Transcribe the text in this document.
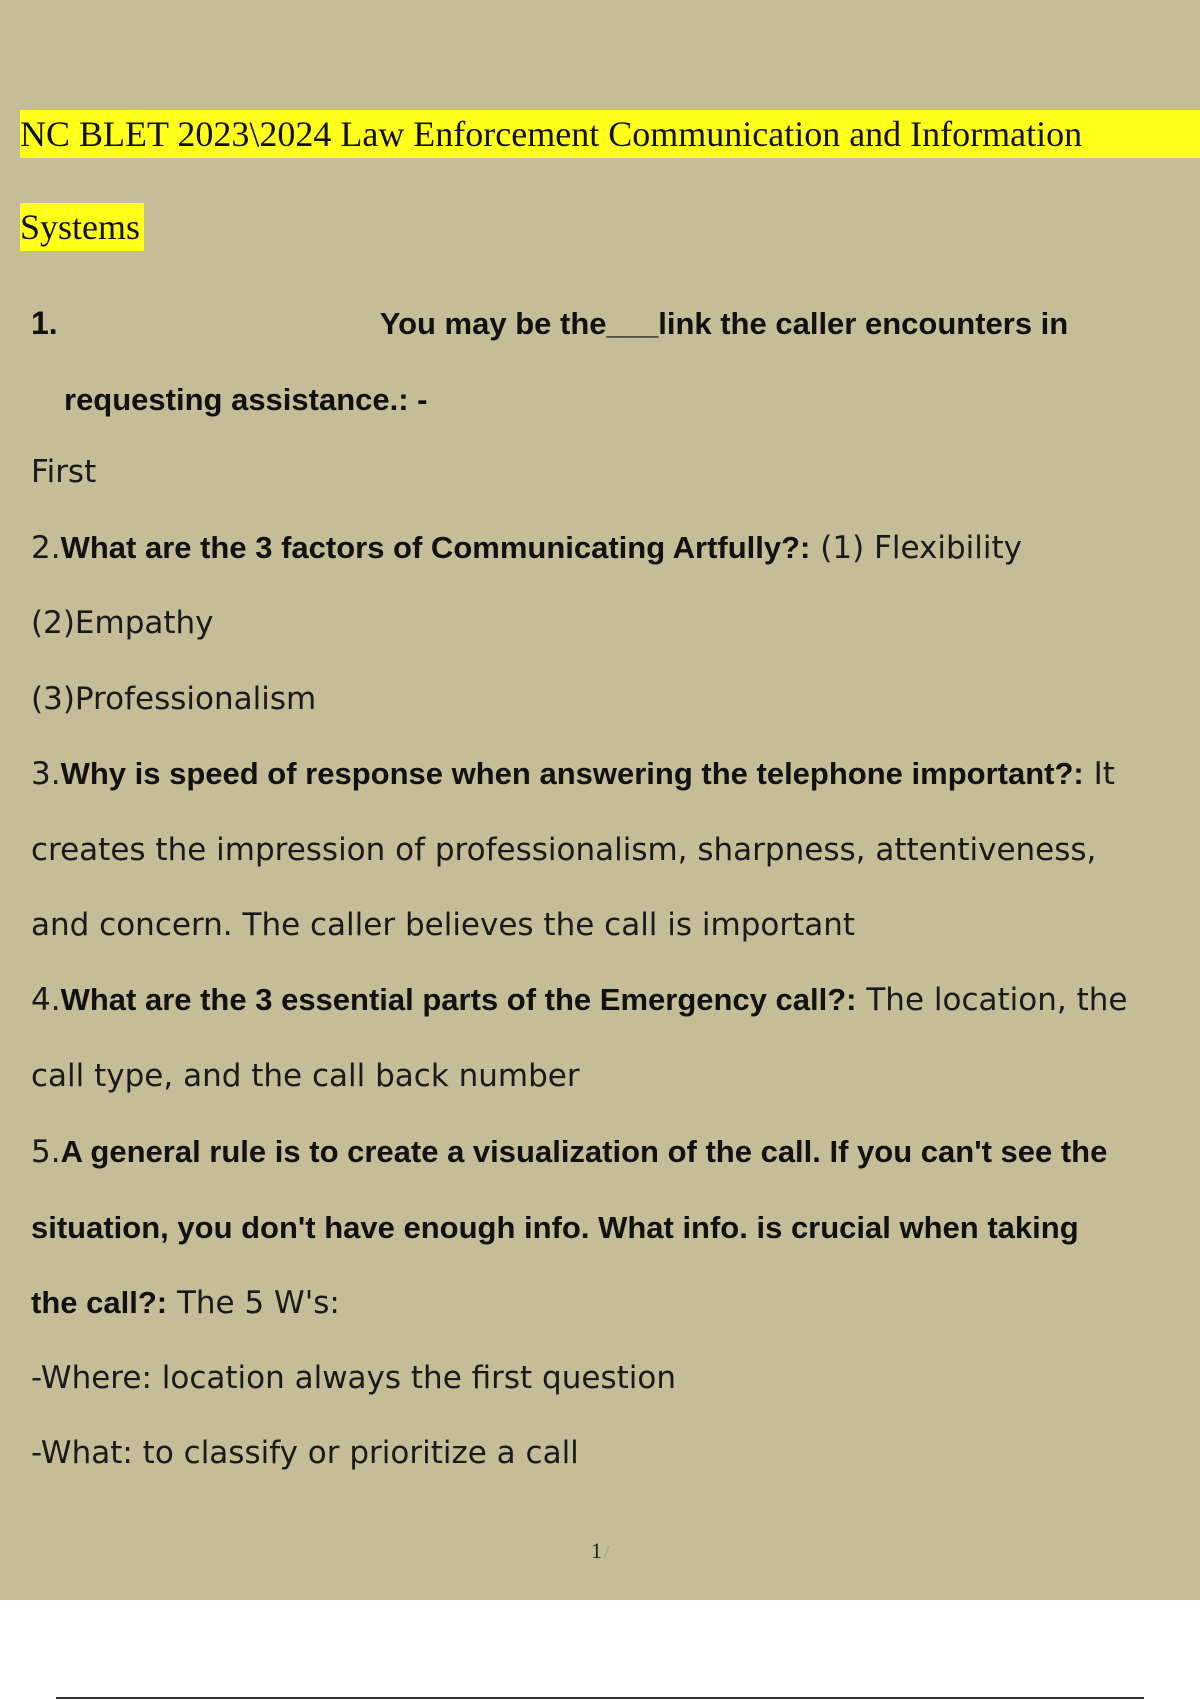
NC BLET 2023\2024 Law Enforcement Communication and Information
Systems
1.	You may be the___link the caller encounters in
requesting assistance.: -
First
2.What are the 3 factors of Communicating Artfully?: (1) Flexibility
(2)Empathy
(3)Professionalism
3.Why is speed of response when answering the telephone important?: It
creates the impression of professionalism, sharpness, attentiveness,
and concern. The caller believes the call is important
4.What are the 3 essential parts of the Emergency call?: The location, the
call type, and the call back number
5.A general rule is to create a visualization of the call. If you can't see the
situation, you don't have enough info. What info. is crucial when taking
the call?: The 5 W's:
-Where: location always the first question
-What: to classify or prioritize a call
1 /
